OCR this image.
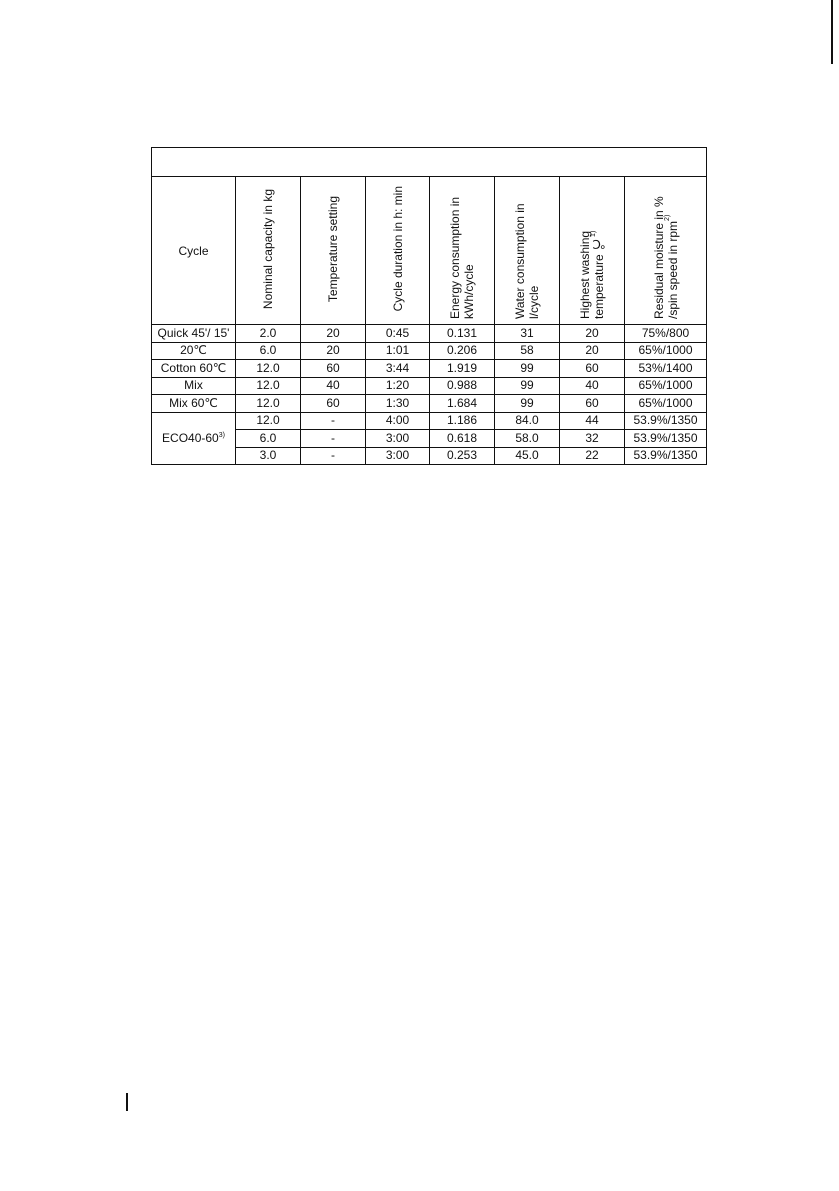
Cycle	Nominal capacity in kg	Temperature setting	Cycle duration in h: min	Energy consumption in kWh/cycle	Water consumption in l/cycle	Highest washing temperature ℃$^{1)}$	Residual moisture in % /spin speed in rpm$^{2)}$
Quick 45'/ 15'	2.0	20	0:45	0.131	31	20	75%/800
20℃	6.0	20	1:01	0.206	58	20	65%/1000
Cotton 60℃	12.0	60	3:44	1.919	99	60	53%/1400
Mix	12.0	40	1:20	0.988	99	40	65%/1000
Mix 60℃	12.0	60	1:30	1.684	99	60	65%/1000
ECO40-60$^{3)}$	12.0	-	4:00	1.186	84.0	44	53.9%/1350
	6.0	-	3:00	0.618	58.0	32	53.9%/1350
	3.0	-	3:00	0.253	45.0	22	53.9%/1350
